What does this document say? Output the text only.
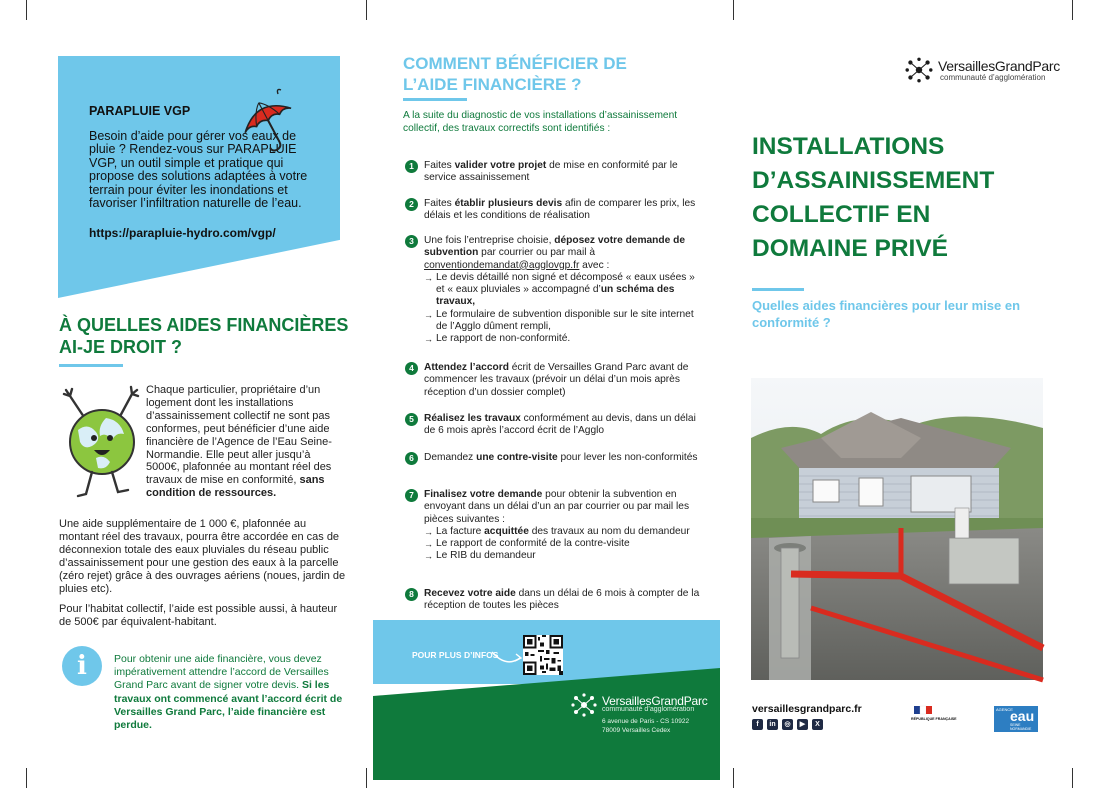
PARAPLUIE VGP
Besoin d’aide pour gérer vos eaux de pluie ? Rendez-vous sur PARAPLUIE VGP, un outil simple et pratique qui propose des solutions adaptées à votre terrain pour éviter les inondations et favoriser l’infiltration naturelle de l’eau.
https://parapluie-hydro.com/vgp/
À QUELLES AIDES FINANCIÈRES
AI-JE DROIT ?
Chaque particulier, propriétaire d’un logement dont les installations d’assainissement collectif ne sont pas conformes, peut bénéficier d’une aide financière de l’Agence de l’Eau Seine-Normandie. Elle peut aller jusqu’à 5000€, plafonnée au montant réel des travaux de mise en conformité, sans condition de ressources.
Une aide supplémentaire de 1 000 €, plafonnée au montant réel des travaux, pourra être accordée en cas de déconnexion totale des eaux pluviales du réseau public d’assainissement pour une gestion des eaux à la parcelle (zéro rejet) grâce à des ouvrages aériens (noues, jardin de pluies etc).
Pour l’habitat collectif, l’aide est possible aussi, à hauteur de 500€ par équivalent-habitant.
i	Pour obtenir une aide financière, vous devez impérativement attendre l’accord de Versailles Grand Parc avant de signer votre devis. Si les travaux ont commencé avant l’accord écrit de Versailles Grand Parc, l’aide financière est perdue.
COMMENT BÉNÉFICIER DE
L’AIDE FINANCIÈRE ?
A la suite du diagnostic de vos installations d’assainissement collectif, des travaux correctifs sont identifiés :
1 Faites valider votre projet de mise en conformité par le service assainissement
2 Faites établir plusieurs devis afin de comparer les prix, les délais et les conditions de réalisation
3 Une fois l’entreprise choisie, déposez votre demande de subvention par courrier ou par mail à
conventiondemandat@agglovgp.fr avec :
→ Le devis détaillé non signé et décomposé « eaux usées » et « eaux pluviales » accompagné d’un schéma des travaux,
→ Le formulaire de subvention disponible sur le site internet de l’Agglo dûment rempli,
→ Le rapport de non-conformité.
4 Attendez l’accord écrit de Versailles Grand Parc avant de commencer les travaux (prévoir un délai d’un mois après réception d’un dossier complet)
5 Réalisez les travaux conformément au devis, dans un délai de 6 mois après l’accord écrit de l’Agglo
6 Demandez une contre-visite pour lever les non-conformités
7 Finalisez votre demande pour obtenir la subvention en envoyant dans un délai d’un an par courrier ou par mail les pièces suivantes :
→ La facture acquittée des travaux au nom du demandeur
→ Le rapport de conformité de la contre-visite
→ Le RIB du demandeur
8 Recevez votre aide dans un délai de 6 mois à compter de la réception de toutes les pièces
POUR PLUS D’INFOS
VersaillesGrandParc
communauté d’agglomération
6 avenue de Paris - CS 10922
78009 Versailles Cedex
VersaillesGrandParc
communauté d’agglomération
INSTALLATIONS
D’ASSAINISSEMENT
COLLECTIF EN
DOMAINE PRIVÉ
Quelles aides financières pour leur mise en conformité ?
versaillesgrandparc.fr
f	in	◎	▶	X
RÉPUBLIQUE FRANÇAISE
AGENCE
eau
SEINE NORMANDIE
